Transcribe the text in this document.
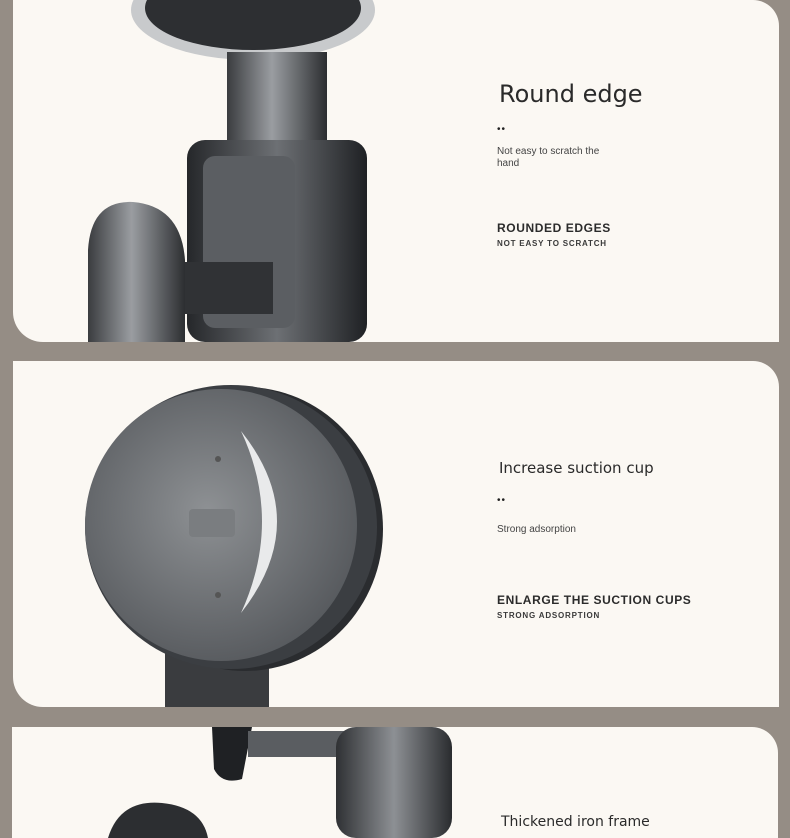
Round edge
••
Not easy to scratch the hand
ROUNDED EDGES
NOT EASY TO SCRATCH
Increase suction cup
••
Strong adsorption
ENLARGE THE SUCTION CUPS
STRONG ADSORPTION
Thickened iron frame
